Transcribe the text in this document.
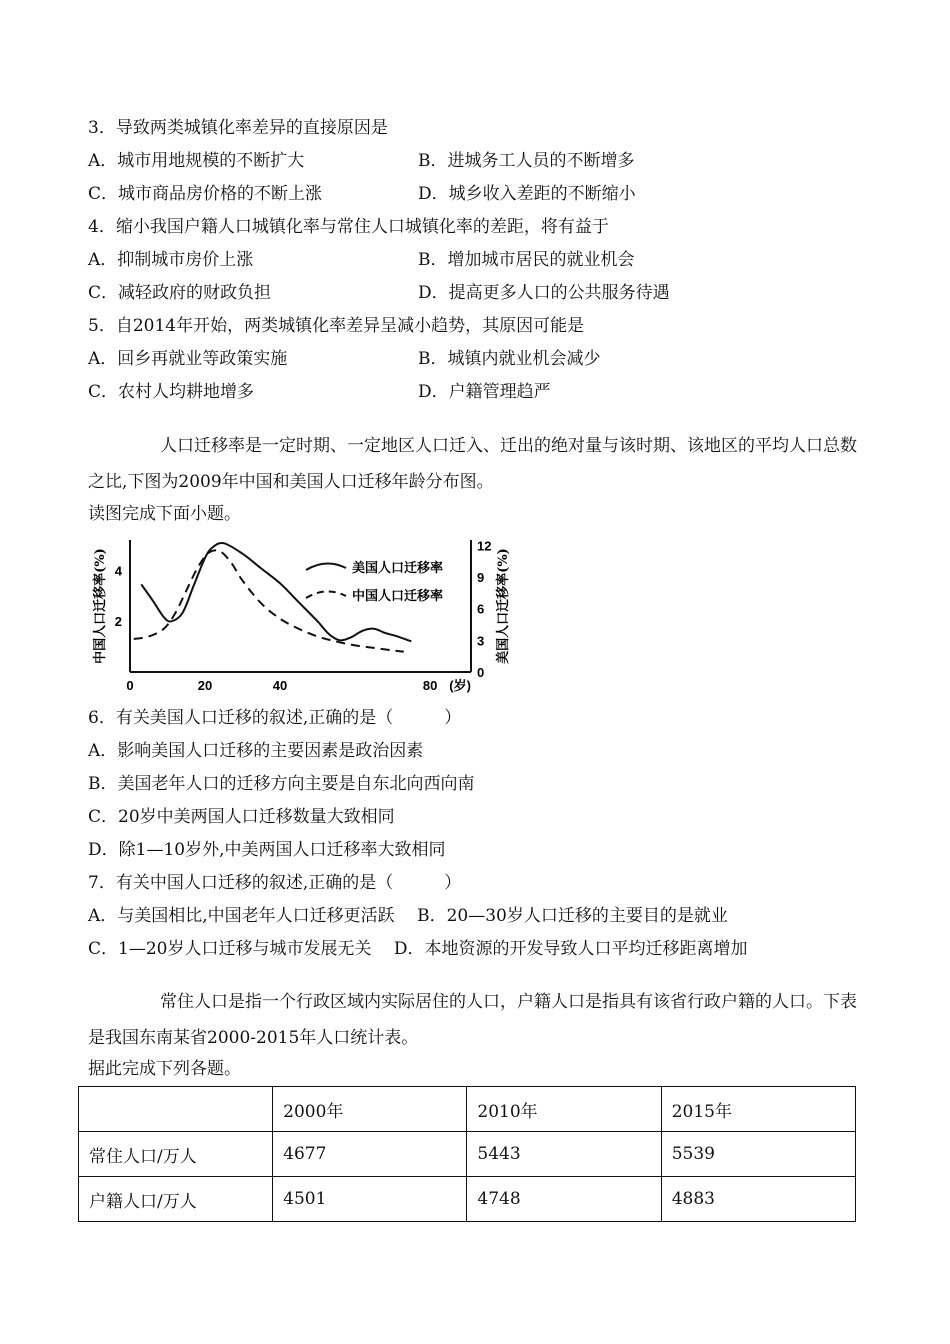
3．导致两类城镇化率差异的直接原因是
A．城市用地规模的不断扩大	B．进城务工人员的不断增多
C．城市商品房价格的不断上涨	D．城乡收入差距的不断缩小
4．缩小我国户籍人口城镇化率与常住人口城镇化率的差距，将有益于
A．抑制城市房价上涨	B．增加城市居民的就业机会
C．减轻政府的财政负担	D．提高更多人口的公共服务待遇
5．自2014年开始，两类城镇化率差异呈减小趋势，其原因可能是
A．回乡再就业等政策实施	B．城镇内就业机会减少
C．农村人均耕地增多	D．户籍管理趋严
人口迁移率是一定时期、一定地区人口迁入、迁出的绝对量与该时期、该地区的平均人口总数之比,下图为2009年中国和美国人口迁移年龄分布图。
读图完成下面小题。
中国人口迁移率(%)	美国人口迁移率(%)
0	20	40	80 (岁)
2
4
0
3
6
9
12
美国人口迁移率
中国人口迁移率
6．有关美国人口迁移的叙述,正确的是（　　　）
A．影响美国人口迁移的主要因素是政治因素
B．美国老年人口的迁移方向主要是自东北向西向南
C．20岁中美两国人口迁移数量大致相同
D．除1—10岁外,中美两国人口迁移率大致相同
7．有关中国人口迁移的叙述,正确的是（　　　）
A．与美国相比,中国老年人口迁移更活跃　 B．20—30岁人口迁移的主要目的是就业
C．1—20岁人口迁移与城市发展无关　 D．本地资源的开发导致人口平均迁移距离增加
常住人口是指一个行政区域内实际居住的人口，户籍人口是指具有该省行政户籍的人口。下表是我国东南某省2000-2015年人口统计表。
据此完成下列各题。
	2000年	2010年	2015年
常住人口/万人	4677	5443	5539
户籍人口/万人	4501	4748	4883
